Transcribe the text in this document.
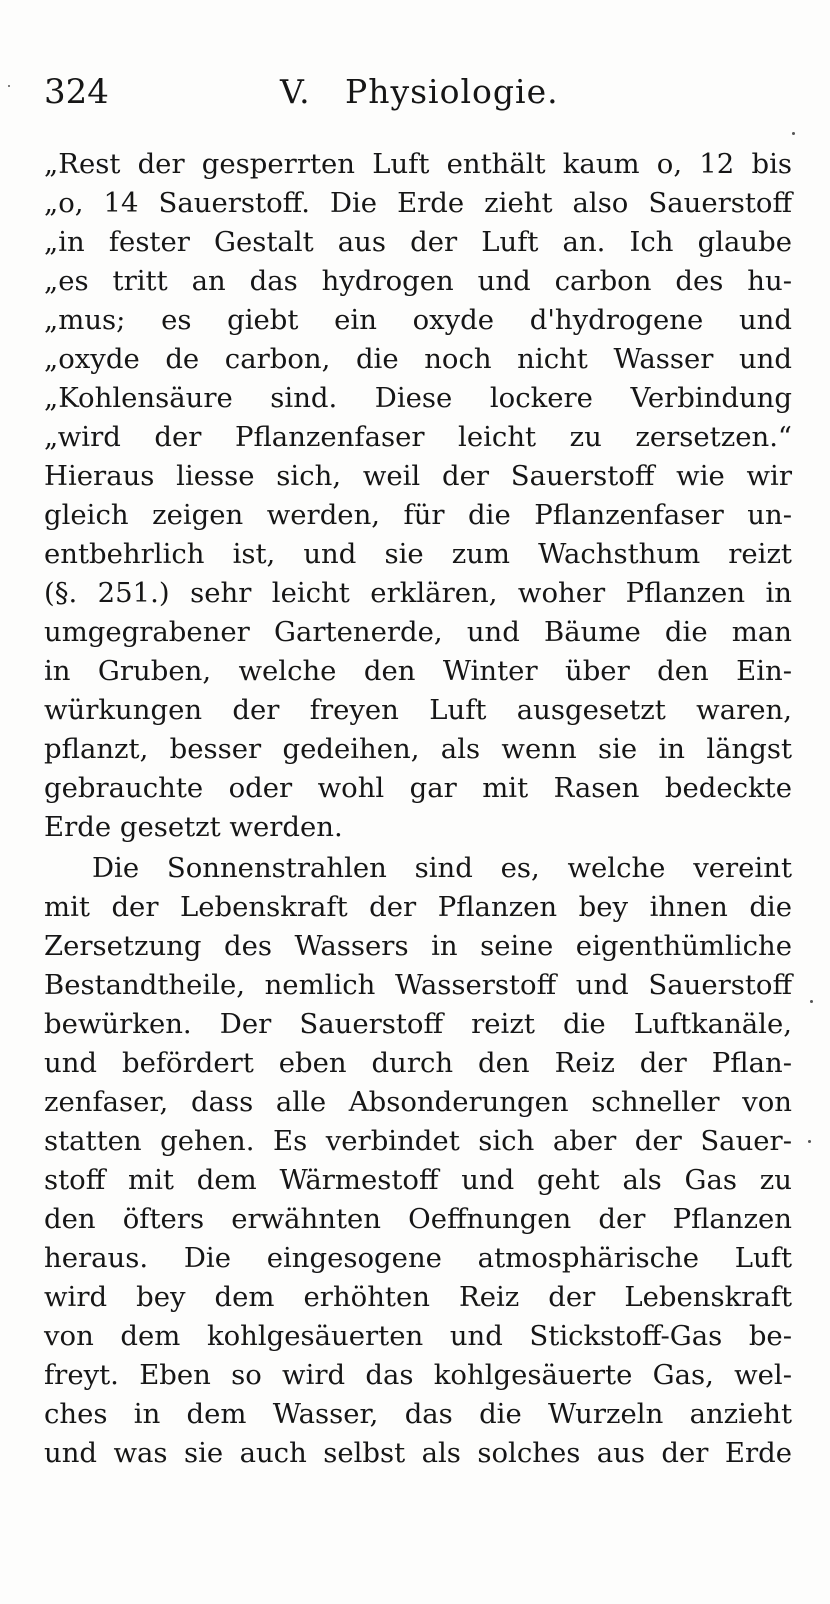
324	V.   Physiologie.
„Rest der gesperrten Luft enthält kaum o, 12 bis
„o, 14 Sauerstoff. Die Erde zieht also Sauerstoff
„in fester Gestalt aus der Luft an. Ich glaube
„es tritt an das hydrogen und carbon des hu-
„mus; es giebt ein oxyde d'hydrogene und
„oxyde de carbon, die noch nicht Wasser und
„Kohlensäure sind. Diese lockere Verbindung
„wird der Pflanzenfaser leicht zu zersetzen.“
Hieraus liesse sich, weil der Sauerstoff wie wir
gleich zeigen werden, für die Pflanzenfaser un-
entbehrlich ist, und sie zum Wachsthum reizt
(§. 251.) sehr leicht erklären, woher Pflanzen in
umgegrabener Gartenerde, und Bäume die man
in Gruben, welche den Winter über den Ein-
würkungen der freyen Luft ausgesetzt waren,
pflanzt, besser gedeihen, als wenn sie in längst
gebrauchte oder wohl gar mit Rasen bedeckte
Erde gesetzt werden.
Die Sonnenstrahlen sind es, welche vereint
mit der Lebenskraft der Pflanzen bey ihnen die
Zersetzung des Wassers in seine eigenthümliche
Bestandtheile, nemlich Wasserstoff und Sauerstoff
bewürken. Der Sauerstoff reizt die Luftkanäle,
und befördert eben durch den Reiz der Pflan-
zenfaser, dass alle Absonderungen schneller von
statten gehen. Es verbindet sich aber der Sauer-
stoff mit dem Wärmestoff und geht als Gas zu
den öfters erwähnten Oeffnungen der Pflanzen
heraus. Die eingesogene atmosphärische Luft
wird bey dem erhöhten Reiz der Lebenskraft
von dem kohlgesäuerten und Stickstoff-Gas be-
freyt. Eben so wird das kohlgesäuerte Gas, wel-
ches in dem Wasser, das die Wurzeln anzieht
und was sie auch selbst als solches aus der Erde
